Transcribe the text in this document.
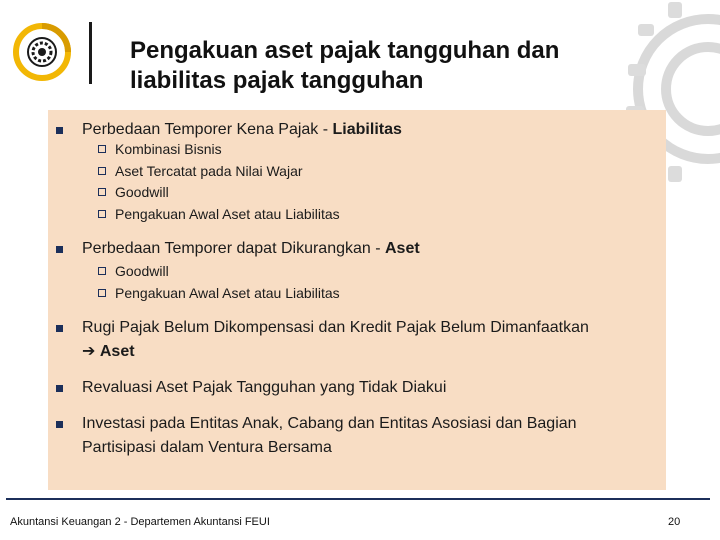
Pengakuan aset pajak tangguhan dan
liabilitas pajak tangguhan
Perbedaan Temporer Kena Pajak - Liabilitas
Kombinasi Bisnis
Aset Tercatat pada Nilai Wajar
Goodwill
Pengakuan Awal Aset atau Liabilitas
Perbedaan Temporer dapat Dikurangkan - Aset
Goodwill
Pengakuan Awal Aset atau Liabilitas
Rugi Pajak Belum Dikompensasi dan Kredit Pajak Belum Dimanfaatkan
➔ Aset
Revaluasi Aset Pajak Tangguhan yang Tidak Diakui
Investasi pada Entitas Anak, Cabang dan Entitas Asosiasi dan Bagian
Partisipasi dalam Ventura Bersama
Akuntansi Keuangan 2 - Departemen Akuntansi FEUI	20
